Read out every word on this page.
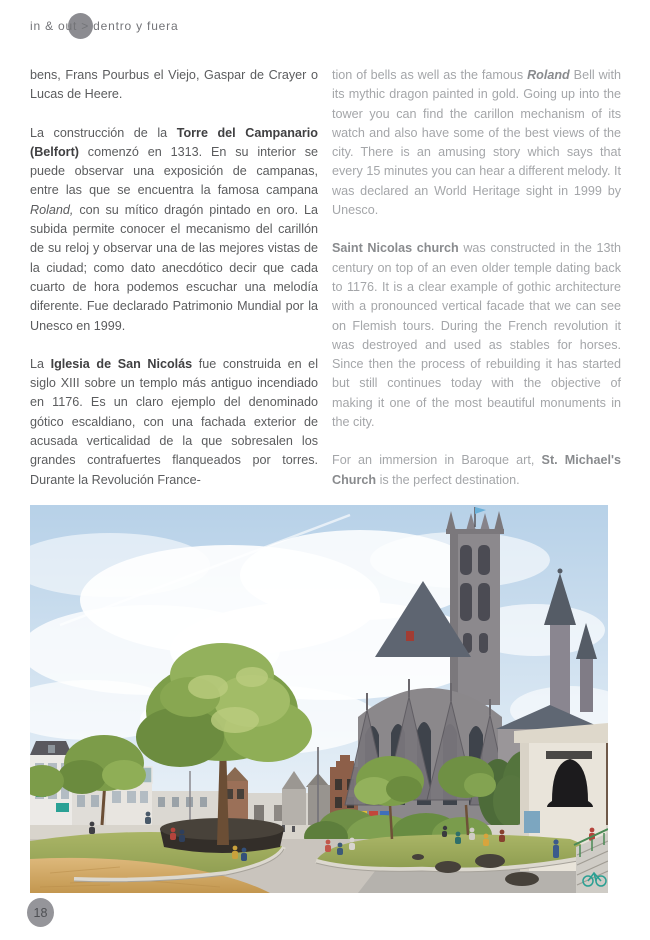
in & out > dentro y fuera

bens, Frans Pourbus el Viejo, Gaspar de Crayer o Lucas de Heere.

La construcción de la Torre del Campanario (Belfort) comenzó en 1313. En su interior se puede observar una exposición de campanas, entre las que se encuentra la famosa campana Roland, con su mítico dragón pintado en oro. La subida permite conocer el mecanismo del carillón de su reloj y observar una de las mejores vistas de la ciudad; como dato anecdótico decir que cada cuarto de hora podemos escuchar una melodía diferente. Fue declarado Patrimonio Mundial por la Unesco en 1999.

La Iglesia de San Nicolás fue construida en el siglo XIII sobre un templo más antiguo incendiado en 1176. Es un claro ejemplo del denominado gótico escaldiano, con una fachada exterior de acusada verticalidad de la que sobresalen los grandes contrafuertes flanqueados por torres. Durante la Revolución France-

tion of bells as well as the famous Roland Bell with its mythic dragon painted in gold. Going up into the tower you can find the carillon mechanism of its watch and also have some of the best views of the city. There is an amusing story which says that every 15 minutes you can hear a different melody. It was declared an World Heritage sight in 1999 by Unesco.

Saint Nicolas church was constructed in the 13th century on top of an even older temple dating back to 1176. It is a clear example of gothic architecture with a pronounced vertical facade that we can see on Flemish tours. During the French revolution it was destroyed and used as stables for horses. Since then the process of rebuilding it has started but still continues today with the objective of making it one of the most beautiful monuments in the city.

For an immersion in Baroque art, St. Michael's Church is the perfect destination.

18
